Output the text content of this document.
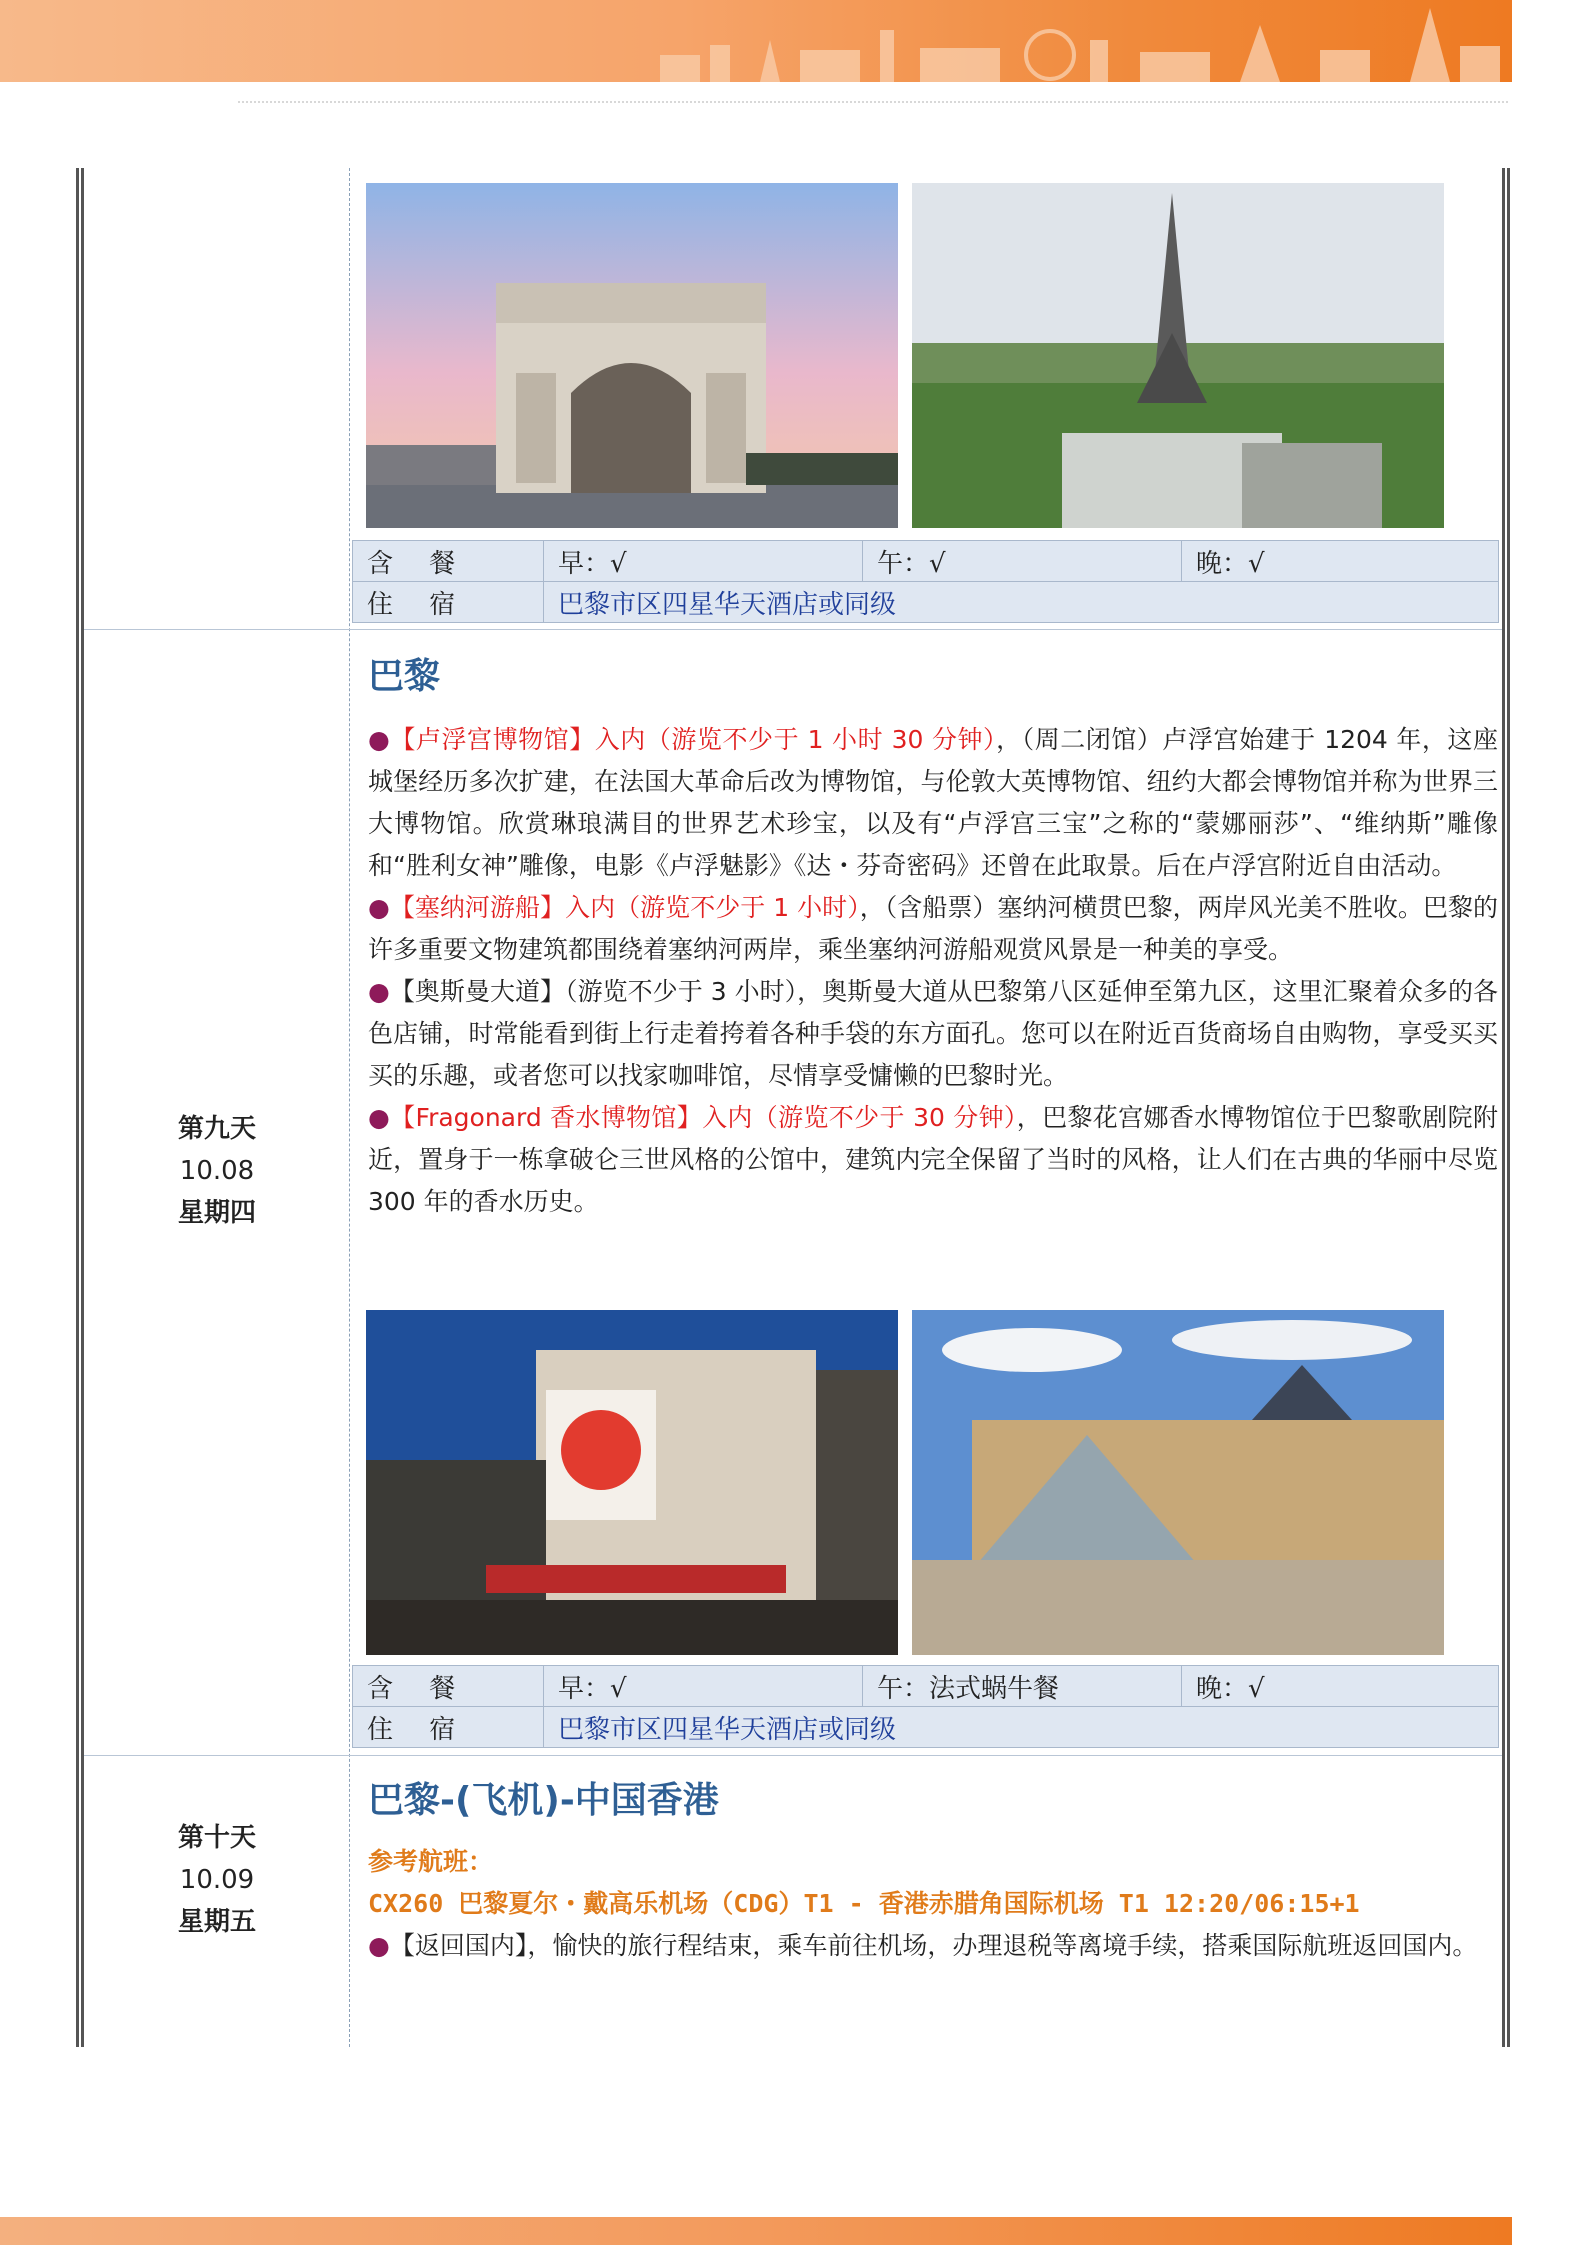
含 餐	早：√	午：√	晚：√
住 宿	巴黎市区四星华天酒店或同级		
第九天
10.08
星期四
巴黎

●【卢浮宫博物馆】入内（游览不少于 1 小时 30 分钟），（周二闭馆）卢浮宫始建于 1204 年，这座城堡经历多次扩建，在法国大革命后改为博物馆，与伦敦大英博物馆、纽约大都会博物馆并称为世界三大博物馆。欣赏琳琅满目的世界艺术珍宝，以及有“卢浮宫三宝”之称的“蒙娜丽莎”、“维纳斯”雕像和“胜利女神”雕像，电影《卢浮魅影》《达・芬奇密码》还曾在此取景。后在卢浮宫附近自由活动。

●【塞纳河游船】入内（游览不少于 1 小时），（含船票）塞纳河横贯巴黎，两岸风光美不胜收。巴黎的许多重要文物建筑都围绕着塞纳河两岸，乘坐塞纳河游船观赏风景是一种美的享受。

●【奥斯曼大道】（游览不少于 3 小时），奥斯曼大道从巴黎第八区延伸至第九区，这里汇聚着众多的各色店铺，时常能看到街上行走着挎着各种手袋的东方面孔。您可以在附近百货商场自由购物，享受买买买的乐趣，或者您可以找家咖啡馆，尽情享受慵懒的巴黎时光。

●【Fragonard 香水博物馆】入内（游览不少于 30 分钟），巴黎花宫娜香水博物馆位于巴黎歌剧院附近，置身于一栋拿破仑三世风格的公馆中，建筑内完全保留了当时的风格，让人们在古典的华丽中尽览 300 年的香水历史。

含 餐	早：√	午：法式蜗牛餐	晚：√
住 宿	巴黎市区四星华天酒店或同级		
第十天
10.09
星期五
巴黎-(飞机)-中国香港

参考航班：

CX260 巴黎夏尔・戴高乐机场（CDG）T1 - 香港赤腊角国际机场 T1 12:20/06:15+1

●【返回国内】，愉快的旅行程结束，乘车前往机场，办理退税等离境手续，搭乘国际航班返回国内。
